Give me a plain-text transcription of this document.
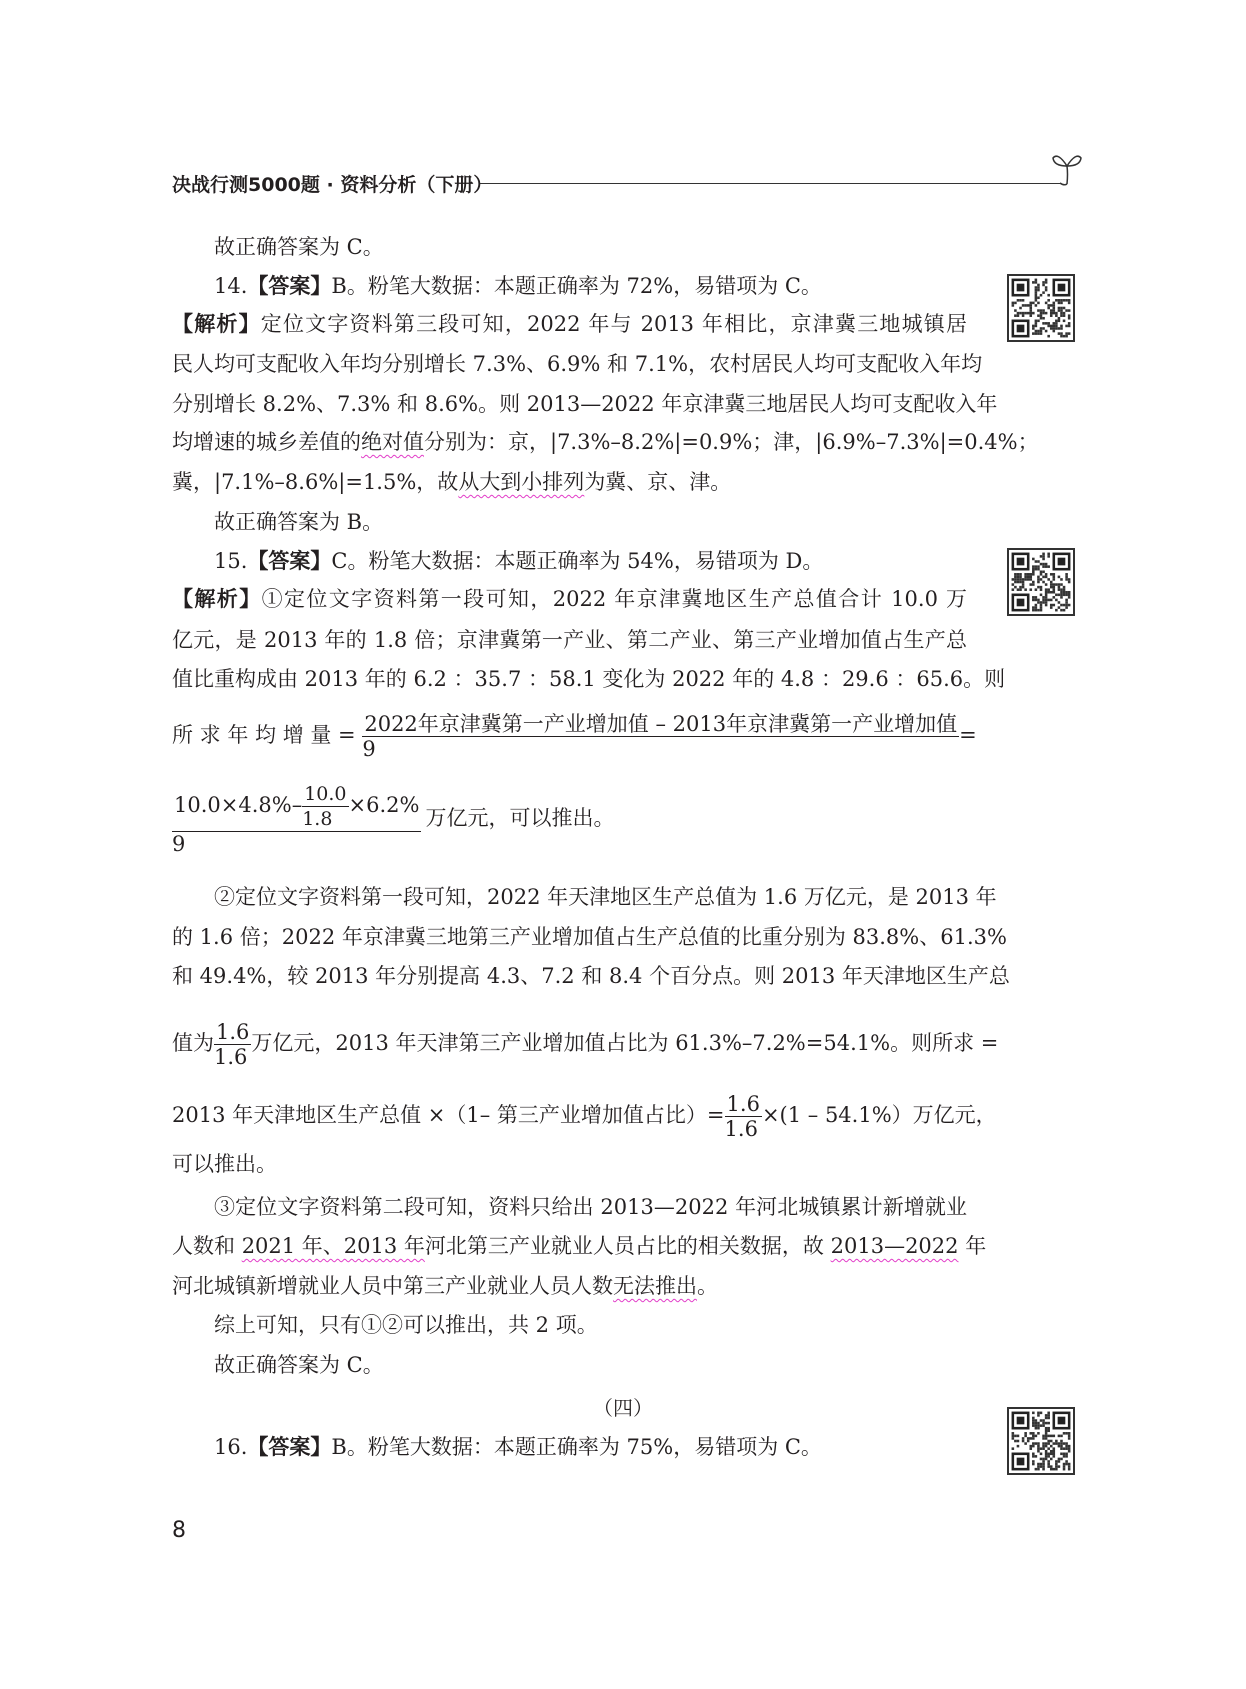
决战行测5000题 · 资料分析（下册）
所 求 年 均 增 量 = $\frac{\text{2022年京津冀第一产业增加值 – 2013年京津冀第一产业增加值}}{9}$ =
$\frac{10.0\times 4.8\%- \frac{10.0}{1.8} \times 6.2\%}{9}$ 万亿元，可以推出。
值为 $\frac{1.6}{1.6}$ 万亿元，2013 年天津第三产业增加值占比为 61.3%–7.2%=54.1%。则所求 =
2013 年天津地区生产总值 ×（1– 第三产业增加值占比）= $\frac{1.6}{1.6} \times(1 - 54.1\%)$万亿元，
（四）
故正确答案为 C。
14.【答案】B。粉笔大数据：本题正确率为 72%，易错项为 C。
【解析】定位文字资料第三段可知，2022 年与 2013 年相比，京津冀三地城镇居
民人均可支配收入年均分别增长 7.3%、6.9% 和 7.1%，农村居民人均可支配收入年均
分别增长 8.2%、7.3% 和 8.6%。则 2013—2022 年京津冀三地居民人均可支配收入年
均增速的城乡差值的绝对值分别为：京，|7.3%–8.2%|=0.9%；津，|6.9%–7.3%|=0.4%；
冀，|7.1%–8.6%|=1.5%，故从大到小排列为冀、京、津。
故正确答案为 B。
15.【答案】C。粉笔大数据：本题正确率为 54%，易错项为 D。
【解析】①定位文字资料第一段可知，2022 年京津冀地区生产总值合计 10.0 万
亿元，是 2013 年的 1.8 倍；京津冀第一产业、第二产业、第三产业增加值占生产总
值比重构成由 2013 年的 6.2 ：35.7 ：58.1 变化为 2022 年的 4.8 ：29.6 ：65.6。则
②定位文字资料第一段可知，2022 年天津地区生产总值为 1.6 万亿元，是 2013 年
的 1.6 倍；2022 年京津冀三地第三产业增加值占生产总值的比重分别为 83.8%、61.3%
和 49.4%，较 2013 年分别提高 4.3、7.2 和 8.4 个百分点。则 2013 年天津地区生产总
可以推出。
③定位文字资料第二段可知，资料只给出 2013—2022 年河北城镇累计新增就业
人数和 2021 年、2013 年河北第三产业就业人员占比的相关数据，故 2013—2022 年
河北城镇新增就业人员中第三产业就业人员人数无法推出。
综上可知，只有①②可以推出，共 2 项。
故正确答案为 C。
16.【答案】B。粉笔大数据：本题正确率为 75%，易错项为 C。
8
